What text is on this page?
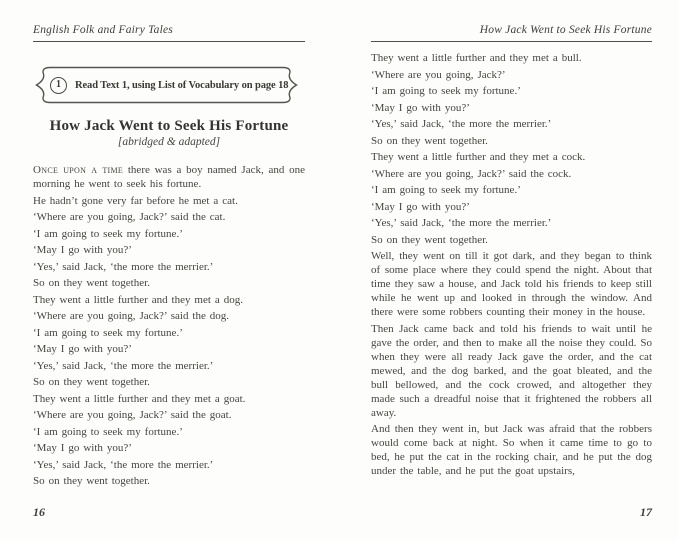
English Folk and Fairy Tales
1 Read Text 1, using List of Vocabulary on page 18
How Jack Went to Seek His Fortune
[abridged & adapted]

Once upon a time there was a boy named Jack, and one morning he went to seek his fortune.

He hadn’t gone very far before he met a cat.

‘Where are you going, Jack?’ said the cat.

‘I am going to seek my fortune.’

‘May I go with you?’

‘Yes,’ said Jack, ‘the more the merrier.’

So on they went together.

They went a little further and they met a dog.

‘Where are you going, Jack?’ said the dog.

‘I am going to seek my fortune.’

‘May I go with you?’

‘Yes,’ said Jack, ‘the more the merrier.’

So on they went together.

They went a little further and they met a goat.

‘Where are you going, Jack?’ said the goat.

‘I am going to seek my fortune.’

‘May I go with you?’

‘Yes,’ said Jack, ‘the more the merrier.’

So on they went together.

16
How Jack Went to Seek His Fortune

They went a little further and they met a bull.

‘Where are you going, Jack?’

‘I am going to seek my fortune.’

‘May I go with you?’

‘Yes,’ said Jack, ‘the more the merrier.’

So on they went together.

They went a little further and they met a cock.

‘Where are you going, Jack?’ said the cock.

‘I am going to seek my fortune.’

‘May I go with you?’

‘Yes,’ said Jack, ‘the more the merrier.’

So on they went together.

Well, they went on till it got dark, and they began to think of some place where they could spend the night. About that time they saw a house, and Jack told his friends to keep still while he went up and looked in through the window. And there were some robbers counting their money in the house.

Then Jack came back and told his friends to wait until he gave the order, and then to make all the noise they could. So when they were all ready Jack gave the order, and the cat mewed, and the dog barked, and the goat bleated, and the bull bellowed, and the cock crowed, and altogether they made such a dreadful noise that it frightened the robbers all away.

And then they went in, but Jack was afraid that the robbers would come back at night. So when it came time to go to bed, he put the cat in the rocking chair, and he put the dog under the table, and he put the goat upstairs,

17
